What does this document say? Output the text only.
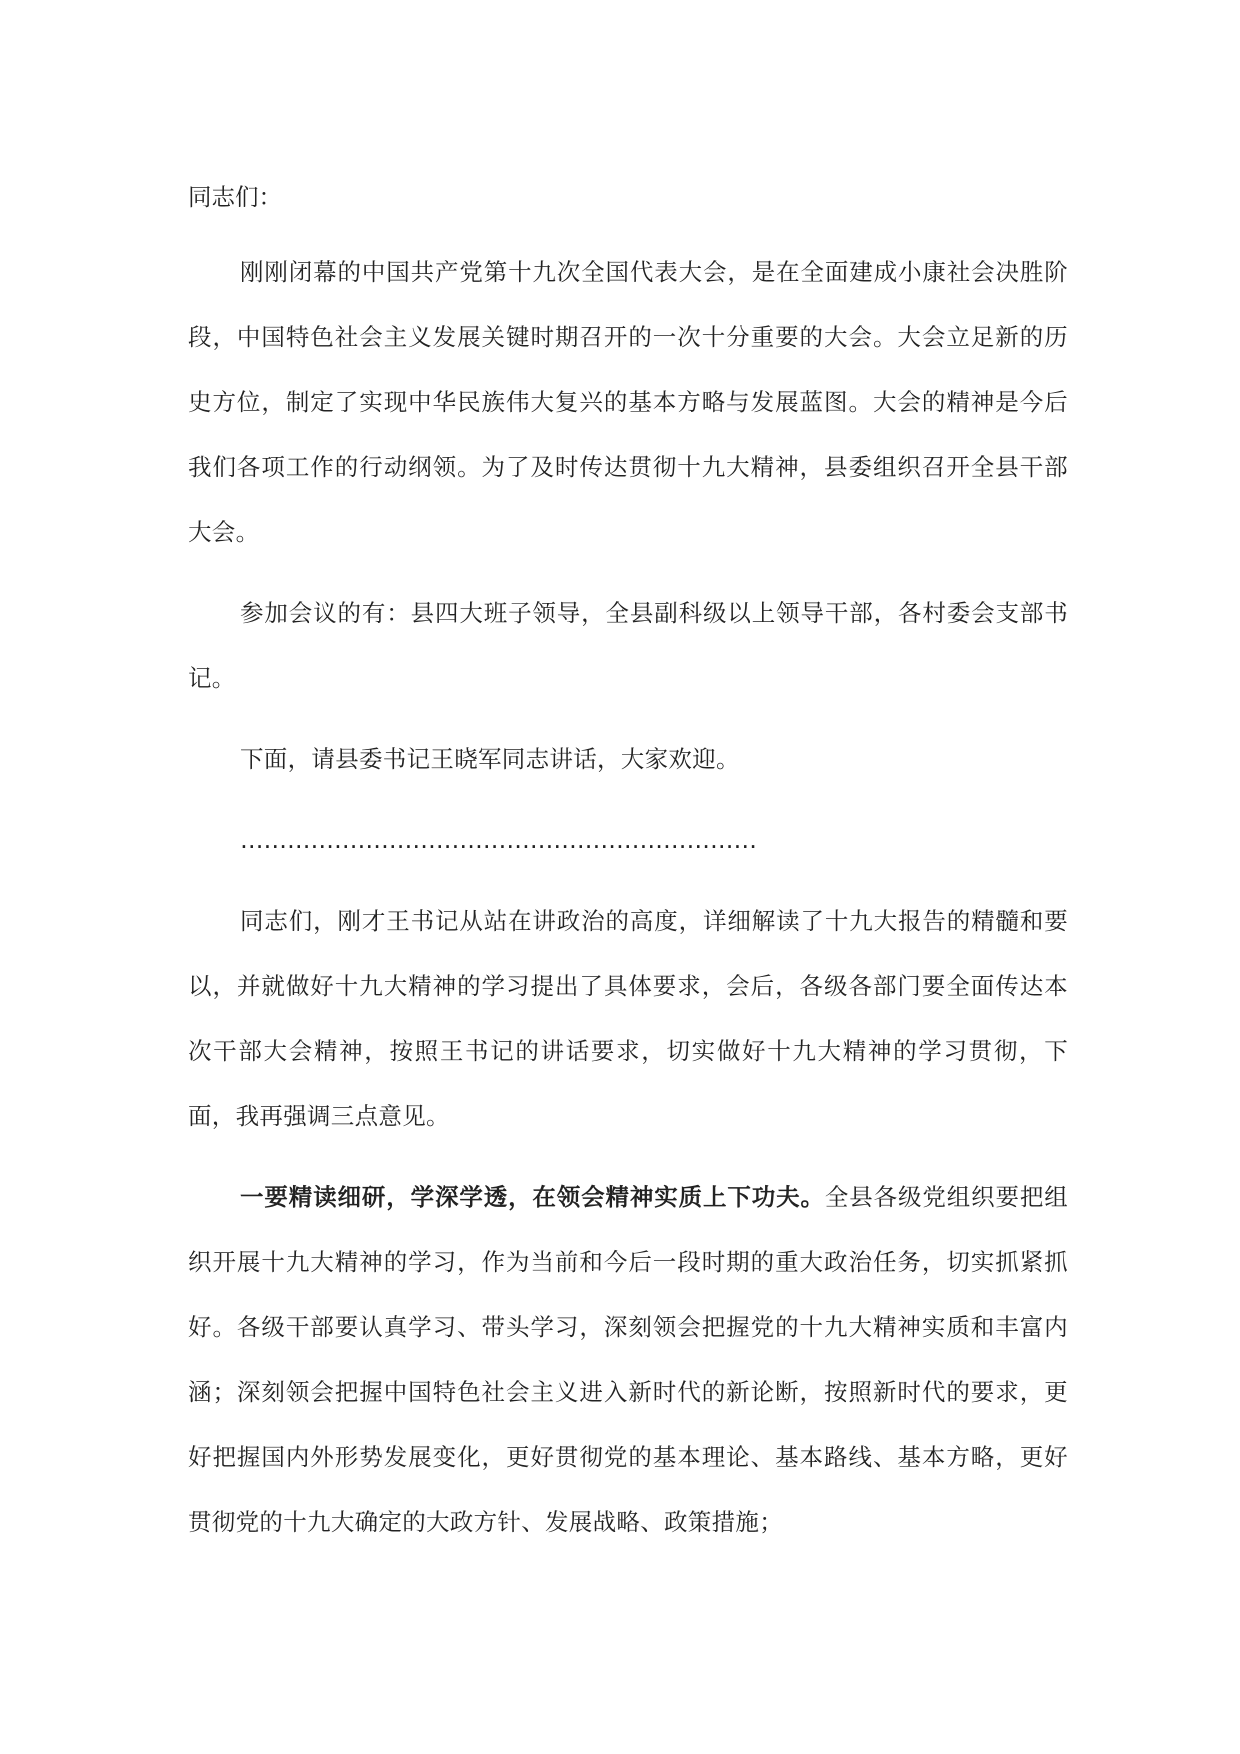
同志们：

刚刚闭幕的中国共产党第十九次全国代表大会，是在全面建成小康社会决胜阶段，中国特色社会主义发展关键时期召开的一次十分重要的大会。大会立足新的历史方位，制定了实现中华民族伟大复兴的基本方略与发展蓝图。大会的精神是今后我们各项工作的行动纲领。为了及时传达贯彻十九大精神，县委组织召开全县干部大会。

参加会议的有：县四大班子领导，全县副科级以上领导干部，各村委会支部书记。

下面，请县委书记王晓军同志讲话，大家欢迎。

…………………………………………………………

同志们，刚才王书记从站在讲政治的高度，详细解读了十九大报告的精髓和要以，并就做好十九大精神的学习提出了具体要求，会后，各级各部门要全面传达本次干部大会精神，按照王书记的讲话要求，切实做好十九大精神的学习贯彻，下面，我再强调三点意见。

一要精读细研，学深学透，在领会精神实质上下功夫。全县各级党组织要把组织开展十九大精神的学习，作为当前和今后一段时期的重大政治任务，切实抓紧抓好。各级干部要认真学习、带头学习，深刻领会把握党的十九大精神实质和丰富内涵；深刻领会把握中国特色社会主义进入新时代的新论断，按照新时代的要求，更好把握国内外形势发展变化，更好贯彻党的基本理论、基本路线、基本方略，更好贯彻党的十九大确定的大政方针、发展战略、政策措施；
